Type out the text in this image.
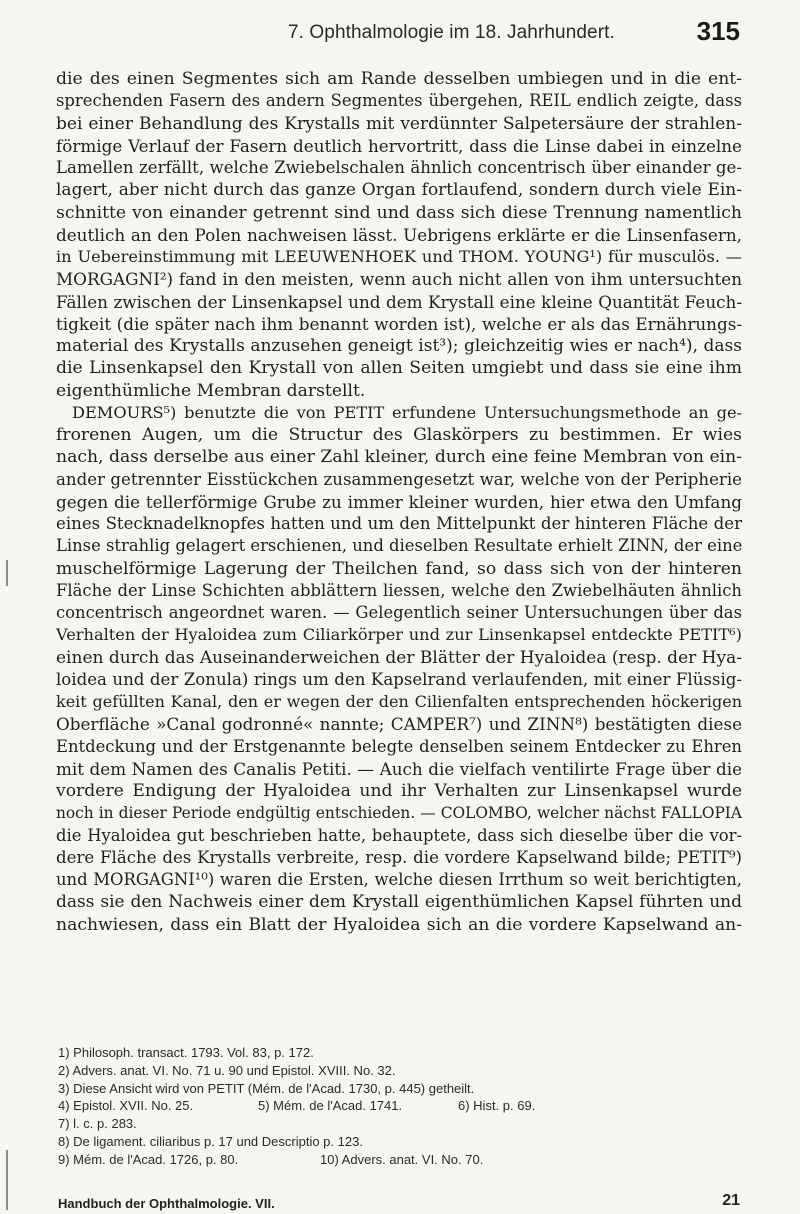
7. Ophthalmologie im 18. Jahrhundert.	315

die des einen Segmentes sich am Rande desselben umbiegen und in die ent-

sprechenden Fasern des andern Segmentes übergehen, REIL endlich zeigte, dass

bei einer Behandlung des Krystalls mit verdünnter Salpetersäure der strahlen-

förmige Verlauf der Fasern deutlich hervortritt, dass die Linse dabei in einzelne

Lamellen zerfällt, welche Zwiebelschalen ähnlich concentrisch über einander ge-

lagert, aber nicht durch das ganze Organ fortlaufend, sondern durch viele Ein-

schnitte von einander getrennt sind und dass sich diese Trennung namentlich

deutlich an den Polen nachweisen lässt. Uebrigens erklärte er die Linsenfasern,

in Uebereinstimmung mit LEEUWENHOEK und THOM. YOUNG¹) für musculös. —

MORGAGNI²) fand in den meisten, wenn auch nicht allen von ihm untersuchten

Fällen zwischen der Linsenkapsel und dem Krystall eine kleine Quantität Feuch-

tigkeit (die später nach ihm benannt worden ist), welche er als das Ernährungs-

material des Krystalls anzusehen geneigt ist³); gleichzeitig wies er nach⁴), dass

die Linsenkapsel den Krystall von allen Seiten umgiebt und dass sie eine ihm

eigenthümliche Membran darstellt.

DEMOURS⁵) benutzte die von PETIT erfundene Untersuchungsmethode an ge-

frorenen Augen, um die Structur des Glaskörpers zu bestimmen. Er wies

nach, dass derselbe aus einer Zahl kleiner, durch eine feine Membran von ein-

ander getrennter Eisstückchen zusammengesetzt war, welche von der Peripherie

gegen die tellerförmige Grube zu immer kleiner wurden, hier etwa den Umfang

eines Stecknadelknopfes hatten und um den Mittelpunkt der hinteren Fläche der

Linse strahlig gelagert erschienen, und dieselben Resultate erhielt ZINN, der eine

muschelförmige Lagerung der Theilchen fand, so dass sich von der hinteren

Fläche der Linse Schichten abblättern liessen, welche den Zwiebelhäuten ähnlich

concentrisch angeordnet waren. — Gelegentlich seiner Untersuchungen über das

Verhalten der Hyaloidea zum Ciliarkörper und zur Linsenkapsel entdeckte PETIT⁶)

einen durch das Auseinanderweichen der Blätter der Hyaloidea (resp. der Hya-

loidea und der Zonula) rings um den Kapselrand verlaufenden, mit einer Flüssig-

keit gefüllten Kanal, den er wegen der den Cilienfalten entsprechenden höckerigen

Oberfläche »Canal godronné« nannte; CAMPER⁷) und ZINN⁸) bestätigten diese

Entdeckung und der Erstgenannte belegte denselben seinem Entdecker zu Ehren

mit dem Namen des Canalis Petiti. — Auch die vielfach ventilirte Frage über die

vordere Endigung der Hyaloidea und ihr Verhalten zur Linsenkapsel wurde

noch in dieser Periode endgültig entschieden. — COLOMBO, welcher nächst FALLOPIA

die Hyaloidea gut beschrieben hatte, behauptete, dass sich dieselbe über die vor-

dere Fläche des Krystalls verbreite, resp. die vordere Kapselwand bilde; PETIT⁹)

und MORGAGNI¹⁰) waren die Ersten, welche diesen Irrthum so weit berichtigten,

dass sie den Nachweis einer dem Krystall eigenthümlichen Kapsel führten und

nachwiesen, dass ein Blatt der Hyaloidea sich an die vordere Kapselwand an-

1) Philosoph. transact. 1793. Vol. 83, p. 172.
2) Advers. anat. VI. No. 71 u. 90 und Epistol. XVIII. No. 32.
3) Diese Ansicht wird von PETIT (Mém. de l'Acad. 1730, p. 445) getheilt.
4) Epistol. XVII. No. 25.	5) Mém. de l'Acad. 1741.	6) Hist. p. 69.
7) l. c. p. 283.
8) De ligament. ciliaribus p. 17 und Descriptio p. 123.
9) Mém. de l'Acad. 1726, p. 80.	10) Advers. anat. VI. No. 70.
Handbuch der Ophthalmologie. VII.	21
